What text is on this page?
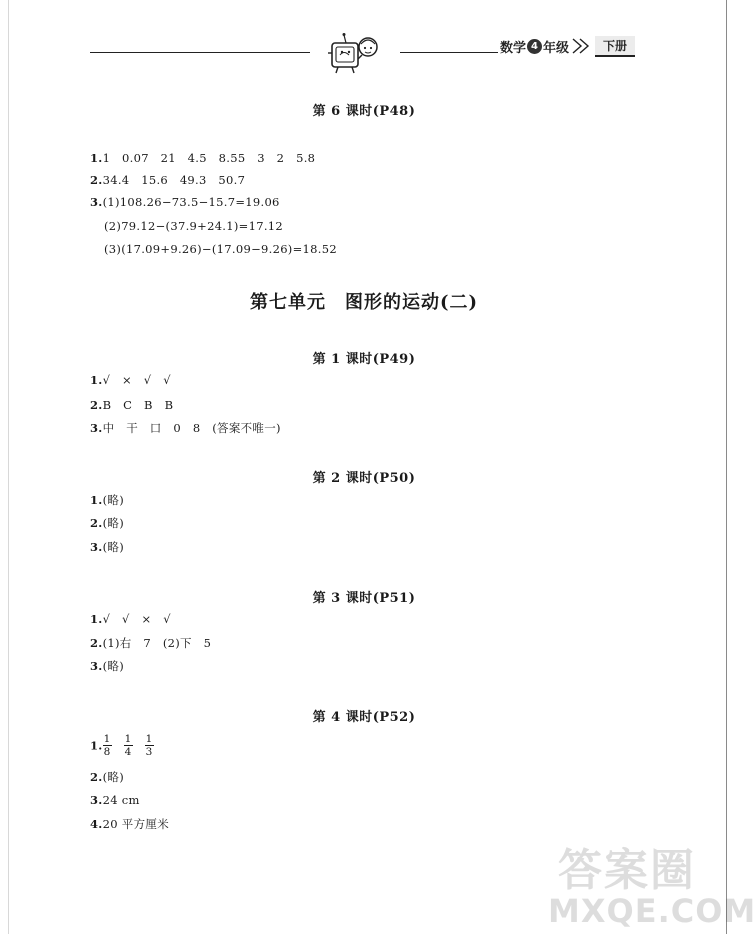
数学 4 年级	下册
第 6 课时(P48)
1.1　0.07　21　4.5　8.55　3　2　5.8
2.34.4　15.6　49.3　50.7
3.(1)108.26−73.5−15.7=19.06
(2)79.12−(37.9+24.1)=17.12
(3)(17.09+9.26)−(17.09−9.26)=18.52
第七单元　图形的运动(二)
第 1 课时(P49)
1.√　×　√　√
2.B　C　B　B
3.中　干　口　0　8　(答案不唯一)
第 2 课时(P50)
1.(略)
2.(略)
3.(略)
第 3 课时(P51)
1.√　√　×　√
2.(1)右　7　(2)下　5
3.(略)
第 4 课时(P52)
1. $\frac{1}{8} \frac{1}{4} \frac{1}{3}$
2.(略)
3.24 cm
4.20 平方厘米
答案圈
MXQE.COM
